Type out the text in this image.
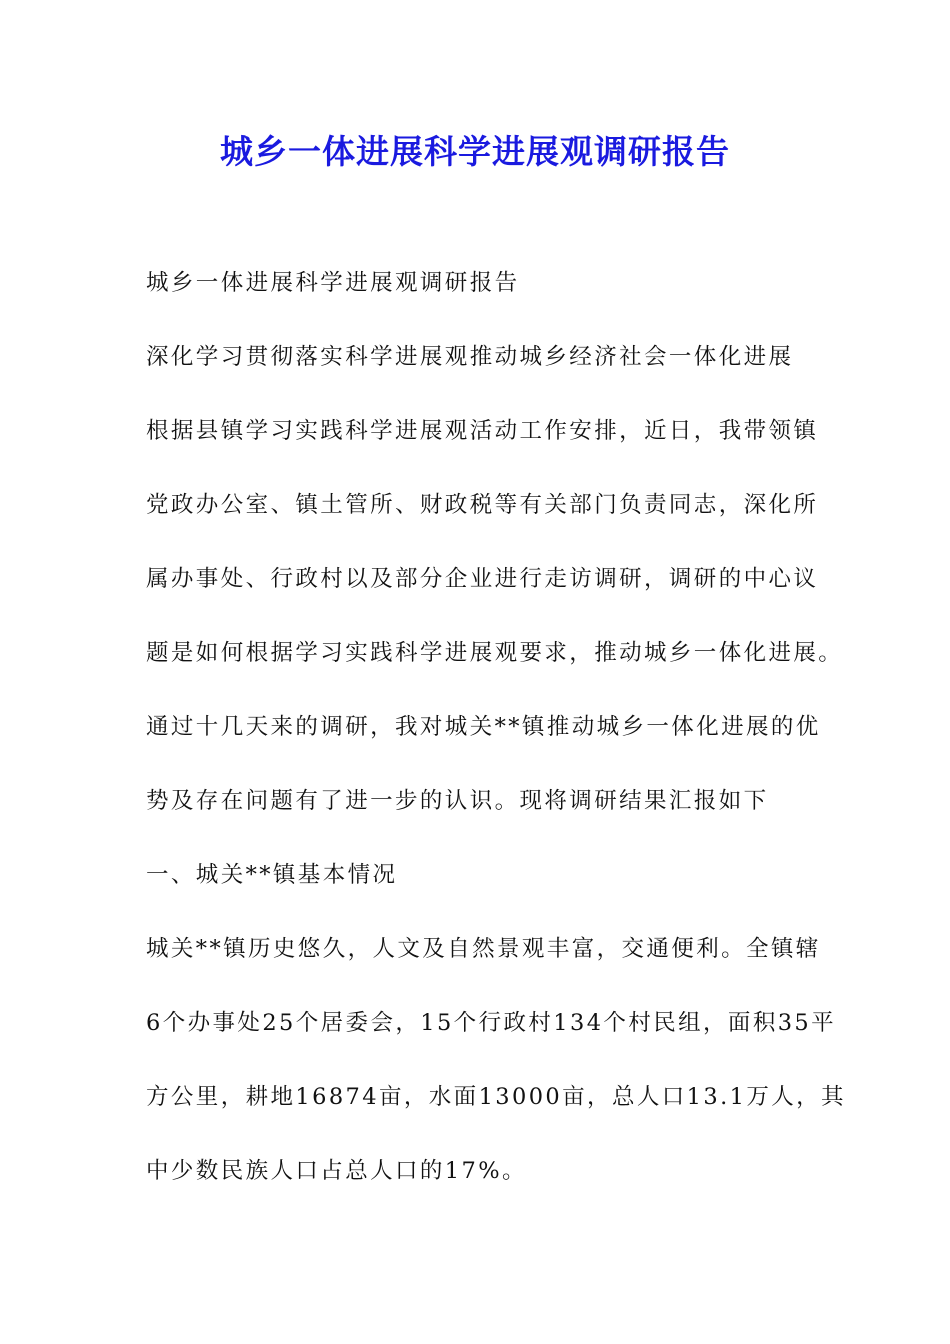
城乡一体进展科学进展观调研报告

城乡一体进展科学进展观调研报告

深化学习贯彻落实科学进展观推动城乡经济社会一体化进展

根据县镇学习实践科学进展观活动工作安排，近日，我带领镇

党政办公室、镇土管所、财政税等有关部门负责同志，深化所

属办事处、行政村以及部分企业进行走访调研，调研的中心议

题是如何根据学习实践科学进展观要求，推动城乡一体化进展。

通过十几天来的调研，我对城关**镇推动城乡一体化进展的优

势及存在问题有了进一步的认识。现将调研结果汇报如下

一、城关**镇基本情况

城关**镇历史悠久，人文及自然景观丰富，交通便利。全镇辖

6个办事处25个居委会，15个行政村134个村民组，面积35平

方公里，耕地16874亩，水面13000亩，总人口13.1万人，其

中少数民族人口占总人口的17%。
